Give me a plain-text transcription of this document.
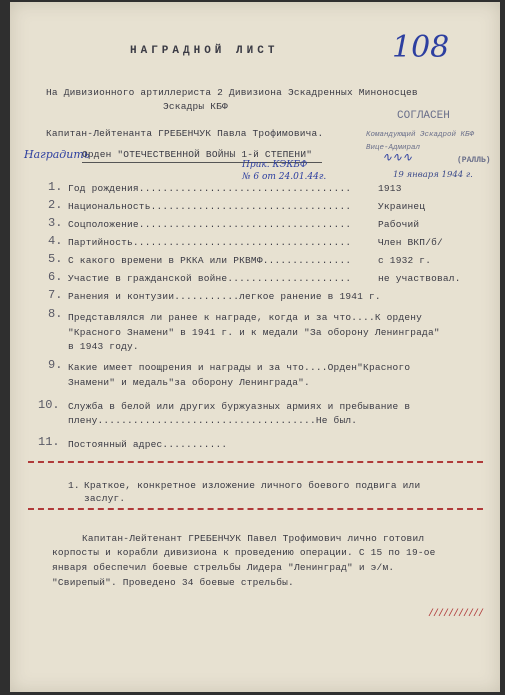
108
НАГРАДНОЙ ЛИСТ
На Дивизионного артиллериста 2 Дивизиона Эскадренных Миноносцев
Эскадры КБФ
Капитан-Лейтенанта ГРЕБЕНЧУК Павла Трофимовича.
СОГЛАСЕН
Командующий Эскадрой КБФ
Вице-Адмирал
∿∿∿	(РАЛЛЬ)
19 января 1944 г.
Наградить
Орден "ОТЕЧЕСТВЕННОЙ ВОЙНЫ 1-й СТЕПЕНИ"
Прик. КЭКБФ
№ 6 от 24.01.44г.
1. Год рождения....................................	1913
2. Национальность..................................	Украинец
3. Соцположение....................................	Рабочий
4. Партийность.....................................	Член ВКП/б/
5. С какого времени в РККА или РКВМФ...............	с 1932 г.
6. Участие в гражданской войне.....................	не участвовал.
7. Ранения и контузии...........легкое ранение в 1941 г.
8. Представлялся ли ранее к награде, когда и за что....К ордену
"Красного Знамени" в 1941 г. и к медали "За оборону Ленинграда"
в 1943 году.
9. Какие имеет поощрения и награды и за что....Орден"Красного
Знамени" и медаль"за оборону Ленинграда".
10. Служба в белой или других буржуазных армиях и пребывание в
плену.....................................Не был.
11. Постоянный адрес...........
1. Краткое, конкретное изложение личного боевого подвига или
заслуг.
Капитан-Лейтенант ГРЕБЕНЧУК Павел Трофимович лично готовил
корпосты и корабли дивизиона к проведению операции. С 15 по 19-ое
января обеспечил боевые стрельбы Лидера "Ленинград" и э/м.
"Свирепый". Проведено 34 боевые стрельбы.
///////////
